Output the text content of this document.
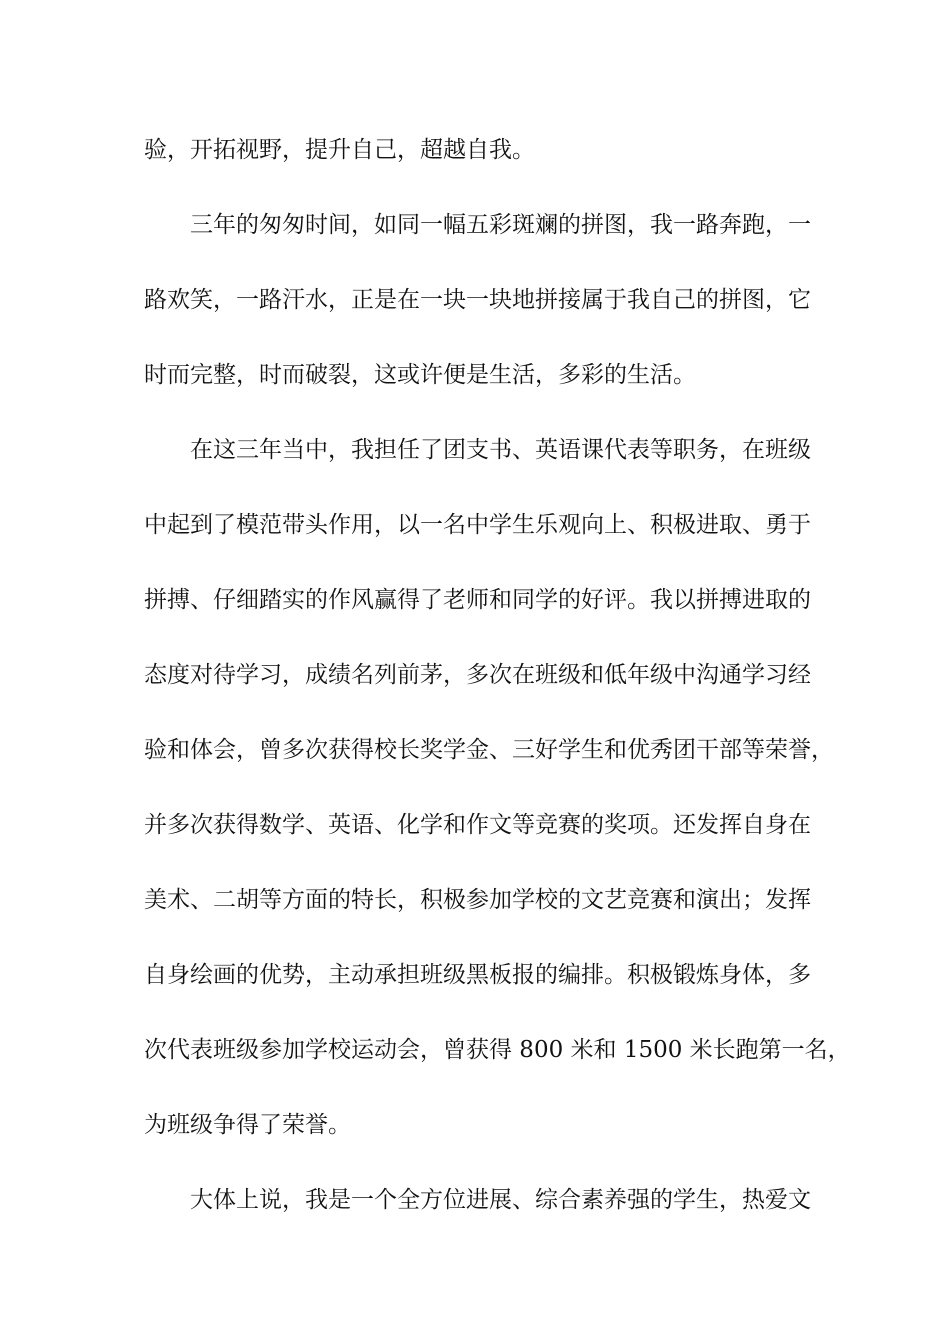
验，开拓视野，提升自己，超越自我。
三年的匆匆时间，如同一幅五彩斑斓的拼图，我一路奔跑，一
路欢笑，一路汗水，正是在一块一块地拼接属于我自己的拼图，它
时而完整，时而破裂，这或许便是生活，多彩的生活。
在这三年当中，我担任了团支书、英语课代表等职务，在班级
中起到了模范带头作用，以一名中学生乐观向上、积极进取、勇于
拼搏、仔细踏实的作风赢得了老师和同学的好评。我以拼搏进取的
态度对待学习，成绩名列前茅，多次在班级和低年级中沟通学习经
验和体会，曾多次获得校长奖学金、三好学生和优秀团干部等荣誉，
并多次获得数学、英语、化学和作文等竞赛的奖项。还发挥自身在
美术、二胡等方面的特长，积极参加学校的文艺竞赛和演出；发挥
自身绘画的优势，主动承担班级黑板报的编排。积极锻炼身体，多
次代表班级参加学校运动会，曾获得 800 米和 1500 米长跑第一名，
为班级争得了荣誉。
大体上说，我是一个全方位进展、综合素养强的学生，热爱文
